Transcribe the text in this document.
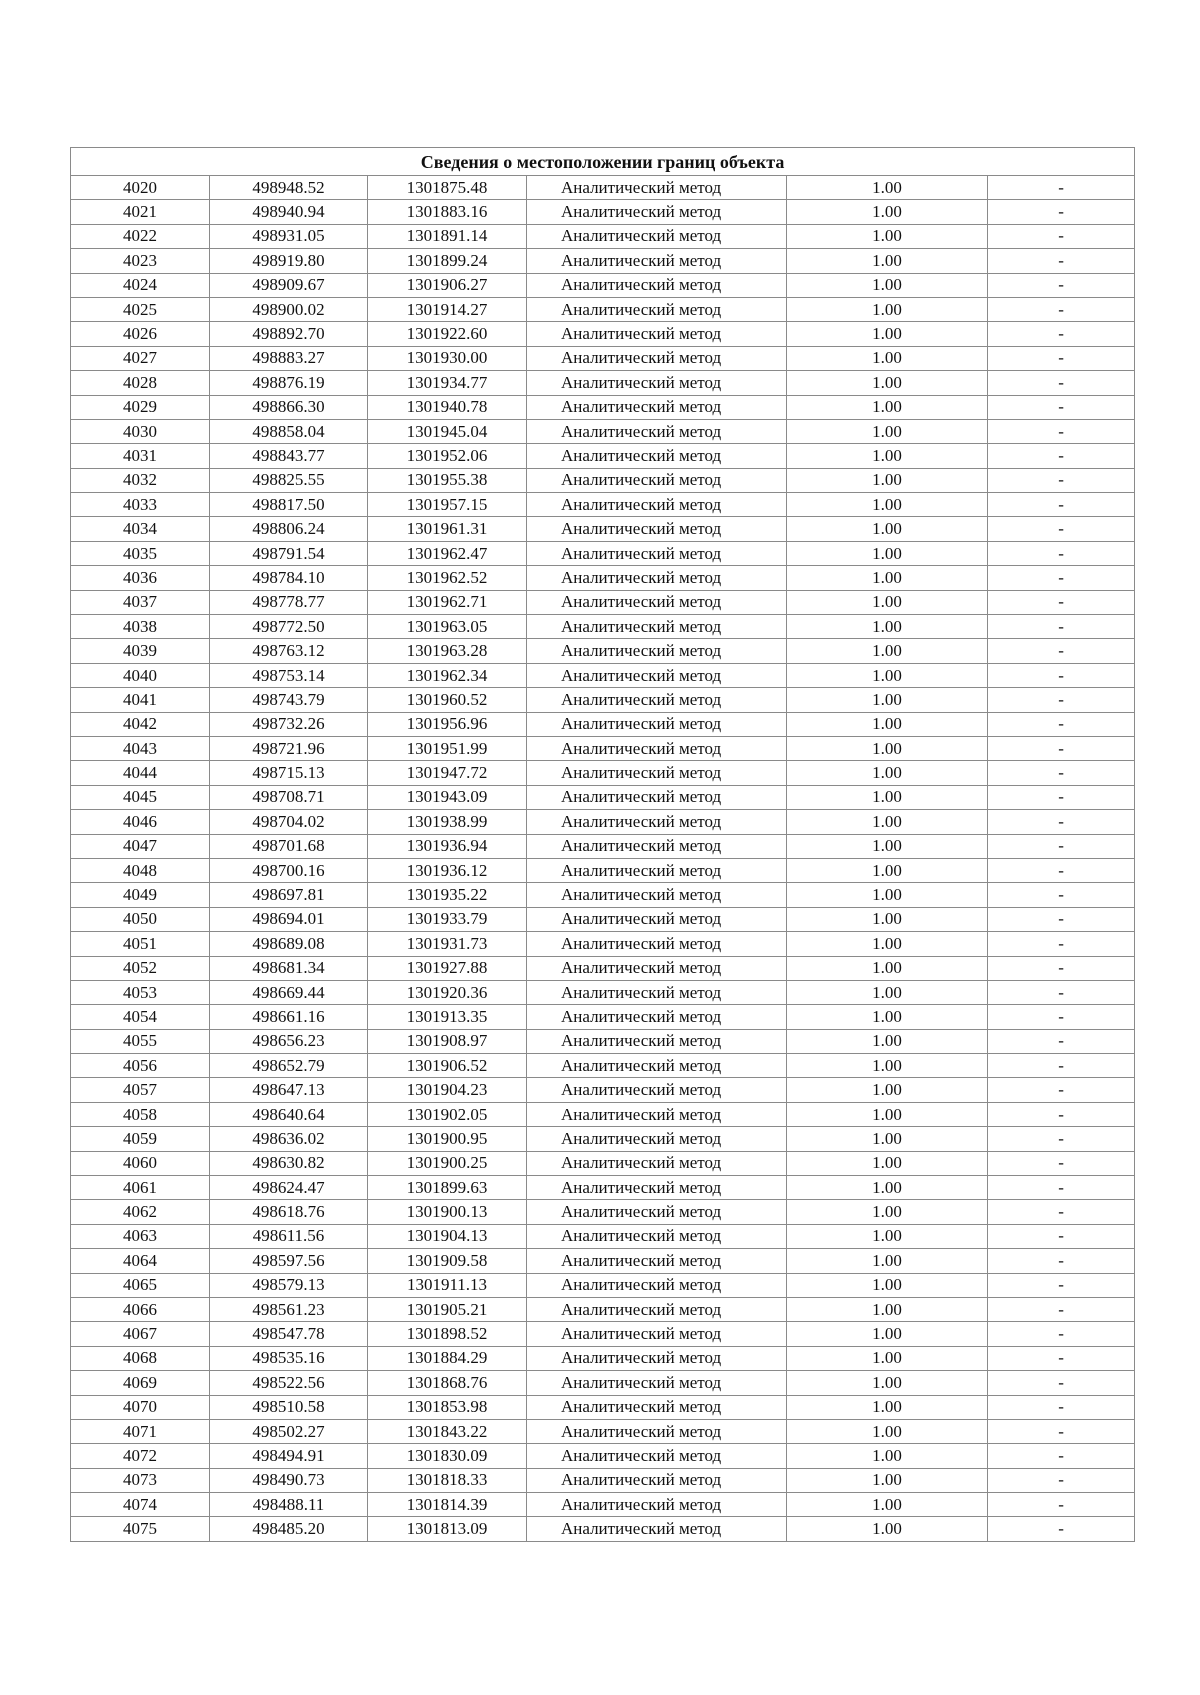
Сведения о местоположении границ объекта					
4020	498948.52	1301875.48	Аналитический метод	1.00	-
4021	498940.94	1301883.16	Аналитический метод	1.00	-
4022	498931.05	1301891.14	Аналитический метод	1.00	-
4023	498919.80	1301899.24	Аналитический метод	1.00	-
4024	498909.67	1301906.27	Аналитический метод	1.00	-
4025	498900.02	1301914.27	Аналитический метод	1.00	-
4026	498892.70	1301922.60	Аналитический метод	1.00	-
4027	498883.27	1301930.00	Аналитический метод	1.00	-
4028	498876.19	1301934.77	Аналитический метод	1.00	-
4029	498866.30	1301940.78	Аналитический метод	1.00	-
4030	498858.04	1301945.04	Аналитический метод	1.00	-
4031	498843.77	1301952.06	Аналитический метод	1.00	-
4032	498825.55	1301955.38	Аналитический метод	1.00	-
4033	498817.50	1301957.15	Аналитический метод	1.00	-
4034	498806.24	1301961.31	Аналитический метод	1.00	-
4035	498791.54	1301962.47	Аналитический метод	1.00	-
4036	498784.10	1301962.52	Аналитический метод	1.00	-
4037	498778.77	1301962.71	Аналитический метод	1.00	-
4038	498772.50	1301963.05	Аналитический метод	1.00	-
4039	498763.12	1301963.28	Аналитический метод	1.00	-
4040	498753.14	1301962.34	Аналитический метод	1.00	-
4041	498743.79	1301960.52	Аналитический метод	1.00	-
4042	498732.26	1301956.96	Аналитический метод	1.00	-
4043	498721.96	1301951.99	Аналитический метод	1.00	-
4044	498715.13	1301947.72	Аналитический метод	1.00	-
4045	498708.71	1301943.09	Аналитический метод	1.00	-
4046	498704.02	1301938.99	Аналитический метод	1.00	-
4047	498701.68	1301936.94	Аналитический метод	1.00	-
4048	498700.16	1301936.12	Аналитический метод	1.00	-
4049	498697.81	1301935.22	Аналитический метод	1.00	-
4050	498694.01	1301933.79	Аналитический метод	1.00	-
4051	498689.08	1301931.73	Аналитический метод	1.00	-
4052	498681.34	1301927.88	Аналитический метод	1.00	-
4053	498669.44	1301920.36	Аналитический метод	1.00	-
4054	498661.16	1301913.35	Аналитический метод	1.00	-
4055	498656.23	1301908.97	Аналитический метод	1.00	-
4056	498652.79	1301906.52	Аналитический метод	1.00	-
4057	498647.13	1301904.23	Аналитический метод	1.00	-
4058	498640.64	1301902.05	Аналитический метод	1.00	-
4059	498636.02	1301900.95	Аналитический метод	1.00	-
4060	498630.82	1301900.25	Аналитический метод	1.00	-
4061	498624.47	1301899.63	Аналитический метод	1.00	-
4062	498618.76	1301900.13	Аналитический метод	1.00	-
4063	498611.56	1301904.13	Аналитический метод	1.00	-
4064	498597.56	1301909.58	Аналитический метод	1.00	-
4065	498579.13	1301911.13	Аналитический метод	1.00	-
4066	498561.23	1301905.21	Аналитический метод	1.00	-
4067	498547.78	1301898.52	Аналитический метод	1.00	-
4068	498535.16	1301884.29	Аналитический метод	1.00	-
4069	498522.56	1301868.76	Аналитический метод	1.00	-
4070	498510.58	1301853.98	Аналитический метод	1.00	-
4071	498502.27	1301843.22	Аналитический метод	1.00	-
4072	498494.91	1301830.09	Аналитический метод	1.00	-
4073	498490.73	1301818.33	Аналитический метод	1.00	-
4074	498488.11	1301814.39	Аналитический метод	1.00	-
4075	498485.20	1301813.09	Аналитический метод	1.00	-
